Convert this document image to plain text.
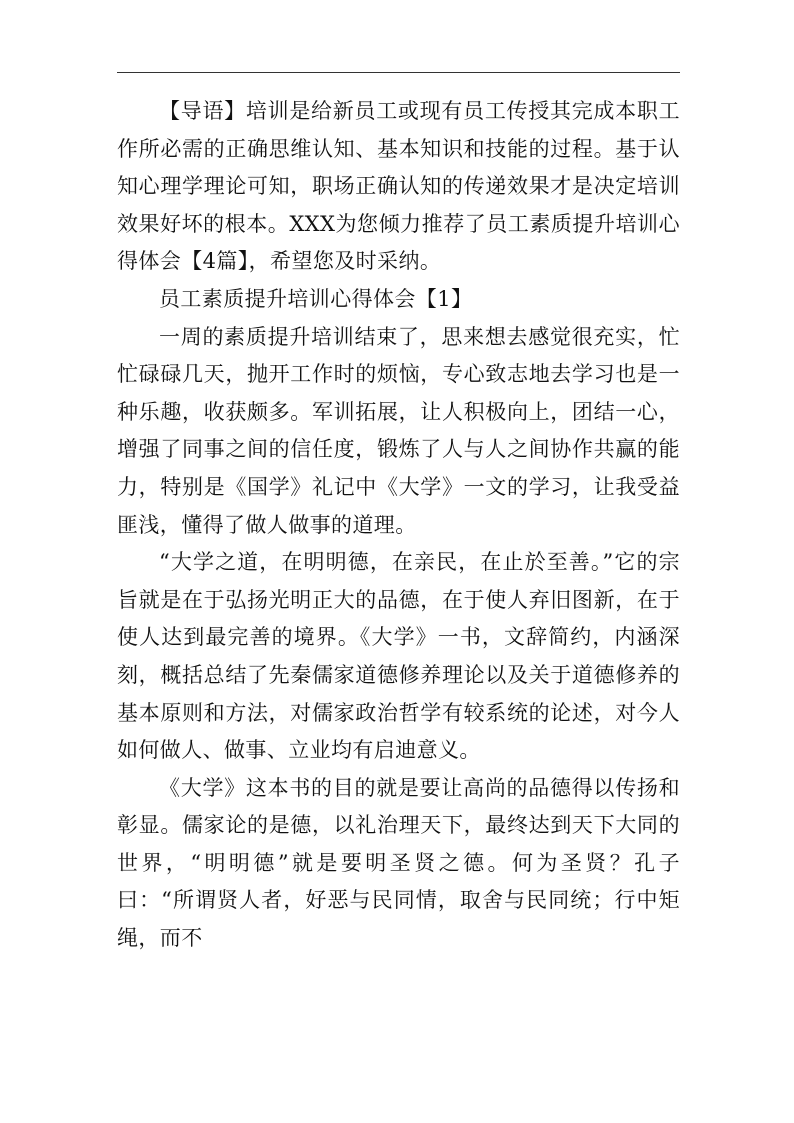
【导语】培训是给新员工或现有员工传授其完成本职工作所必需的正确思维认知、基本知识和技能的过程。基于认知心理学理论可知，职场正确认知的传递效果才是决定培训效果好坏的根本。XXX为您倾力推荐了员工素质提升培训心得体会【4篇】，希望您及时采纳。

员工素质提升培训心得体会【1】

一周的素质提升培训结束了，思来想去感觉很充实，忙忙碌碌几天，抛开工作时的烦恼，专心致志地去学习也是一种乐趣，收获颇多。军训拓展，让人积极向上，团结一心，增强了同事之间的信任度，锻炼了人与人之间协作共赢的能力，特别是《国学》礼记中《大学》一文的学习，让我受益匪浅，懂得了做人做事的道理。

“大学之道，在明明德，在亲民，在止於至善。”它的宗旨就是在于弘扬光明正大的品德，在于使人弃旧图新，在于使人达到最完善的境界。《大学》一书，文辞简约，内涵深刻，概括总结了先秦儒家道德修养理论以及关于道德修养的基本原则和方法，对儒家政治哲学有较系统的论述，对今人如何做人、做事、立业均有启迪意义。

《大学》这本书的目的就是要让高尚的品德得以传扬和彰显。儒家论的是德，以礼治理天下，最终达到天下大同的世界，“明明德”就是要明圣贤之德。何为圣贤？孔子曰：“所谓贤人者，好恶与民同情，取舍与民同统；行中矩绳，而不
